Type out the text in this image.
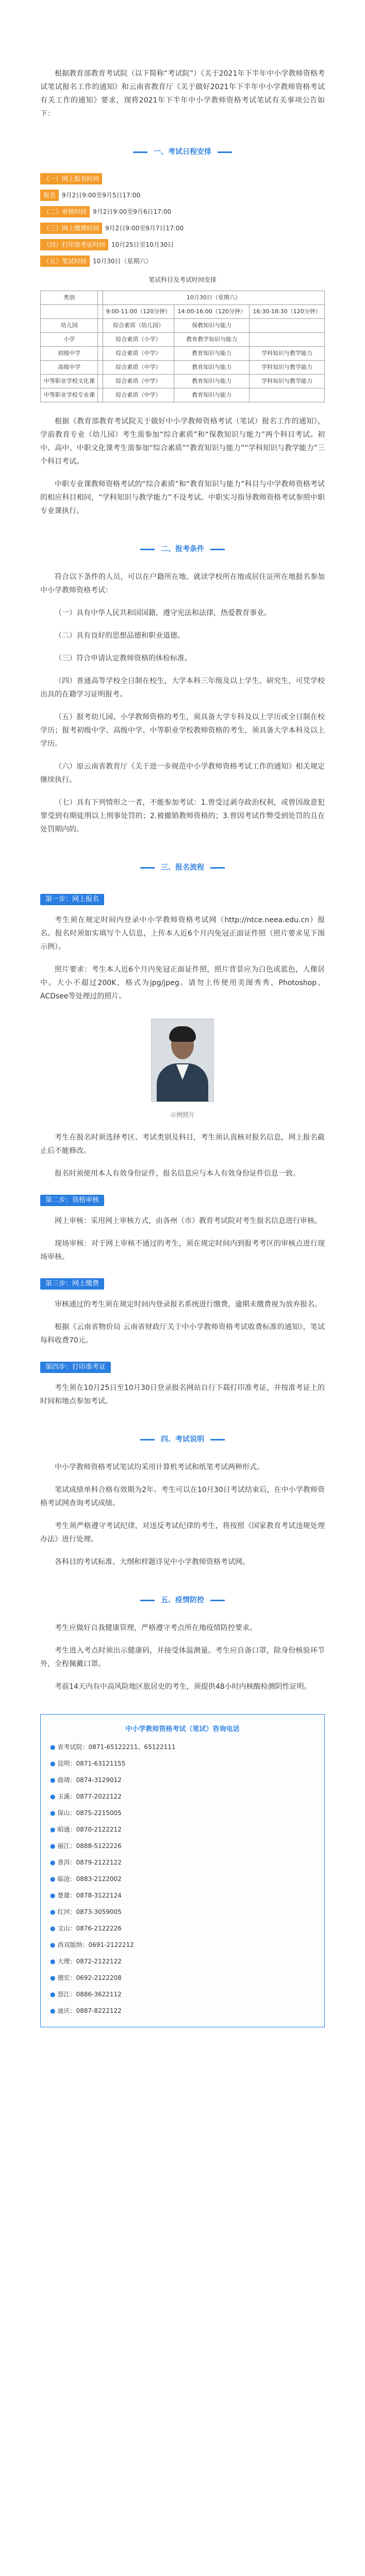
根据教育部教育考试院（以下简称“考试院”）《关于2021年下半年中小学教师资格考试笔试报名工作的通知》和云南省教育厅《关于做好2021年下半年中小学教师资格考试有关工作的通知》要求，现将2021年下半年中小学教师资格考试笔试有关事项公告如下：

一、考试日程安排
（一）网上报名时间
报名	9月2日9:00至9月5日17:00
（二）审核时间	9月2日9:00至9月6日17:00
（三）网上缴费时间	9月2日9:00至9月7日17:00
（四）打印准考证时间	10月25日至10月30日
（五）笔试时间	10月30日（星期六）
笔试科目及考试时间安排
类别		10月30日（星期六）		
		9:00-11:00（120分钟）	14:00-16:00（120分钟）	16:30-18:30（120分钟）
幼儿园		综合素质（幼儿园）	保教知识与能力	
小学		综合素质（小学）	教育教学知识与能力	
初级中学		综合素质（中学）	教育知识与能力	学科知识与教学能力
高级中学		综合素质（中学）	教育知识与能力	学科知识与教学能力
中等职业学校文化课		综合素质（中学）	教育知识与能力	学科知识与教学能力
中等职业学校专业课		综合素质（中学）	教育知识与能力	

根据《教育部教育考试院关于做好中小学教师资格考试（笔试）报名工作的通知》，学前教育专业（幼儿园）考生需参加“综合素质”和“保教知识与能力”两个科目考试。初中、高中、中职文化课考生需参加“综合素质”“教育知识与能力”“学科知识与教学能力”三个科目考试。

中职专业课教师资格考试的“综合素质”和“教育知识与能力”科目与中学教师资格考试的相应科目相同，“学科知识与教学能力”不设考试。中职实习指导教师资格考试参照中职专业课执行。

二、报考条件

符合以下条件的人员，可以在户籍所在地、就读学校所在地或居住证所在地报名参加中小学教师资格考试：

（一）具有中华人民共和国国籍，遵守宪法和法律，热爱教育事业。

（二）具有良好的思想品德和职业道德。

（三）符合申请认定教师资格的体检标准。

（四）普通高等学校全日制在校生，大学本科三年级及以上学生、研究生，可凭学校出具的在籍学习证明报考。

（五）报考幼儿园、小学教师资格的考生，须具备大学专科及以上学历或全日制在校学历；报考初级中学、高级中学、中等职业学校教师资格的考生，须具备大学本科及以上学历。

（六）原云南省教育厅《关于进一步规范中小学教师资格考试工作的通知》相关规定继续执行。

（七）具有下列情形之一者，不能参加考试：1.曾受过剥夺政治权利，或曾因故意犯罪受到有期徒刑以上刑事处罚的；2.被撤销教师资格的；3.曾因考试作弊受到处罚的且在处罚期内的。

三、报名流程
第一步：网上报名

考生须在规定时间内登录中小学教师资格考试网（http://ntce.neea.edu.cn）报名。报名时须如实填写个人信息，上传本人近6个月内免冠正面证件照（照片要求见下图示例）。

照片要求：考生本人近6个月内免冠正面证件照，照片背景应为白色或蓝色，人像居中。大小不超过200K，格式为jpg/jpeg。请勿上传使用美图秀秀、Photoshop、ACDsee等处理过的照片。

示例照片

考生在报名时须选择考区、考试类别及科目，考生须认真核对报名信息，网上报名截止后不能修改。

报名时须使用本人有效身份证件，报名信息应与本人有效身份证件信息一致。

第二步：资格审核

网上审核：采用网上审核方式，由各州（市）教育考试院对考生报名信息进行审核。

现场审核：对于网上审核不通过的考生，须在规定时间内到报考考区的审核点进行现场审核。

第三步：网上缴费

审核通过的考生须在规定时间内登录报名系统进行缴费，逾期未缴费视为放弃报名。

根据《云南省物价局 云南省财政厅关于中小学教师资格考试收费标准的通知》，笔试每科收费70元。

第四步：打印准考证

考生须在10月25日至10月30日登录报名网站自行下载打印准考证，并按准考证上的时间和地点参加考试。

四、考试说明

中小学教师资格考试笔试均采用计算机考试和纸笔考试两种形式。

笔试成绩单科合格有效期为2年。考生可以在10月30日考试结束后，在中小学教师资格考试网查询考试成绩。

考生须严格遵守考试纪律，对违反考试纪律的考生，将按照《国家教育考试违规处理办法》进行处理。

各科目的考试标准、大纲和样题详见中小学教师资格考试网。

五、疫情防控

考生应做好自我健康管理，严格遵守考点所在地疫情防控要求。

考生进入考点时须出示健康码，并接受体温测量。考生应自备口罩，除身份核验环节外，全程佩戴口罩。

考前14天内有中高风险地区旅居史的考生，须提供48小时内核酸检测阴性证明。

中小学教师资格考试（笔试）咨询电话
● 省考试院：0871-65122211、65122111
● 昆明：0871-63121155
● 曲靖：0874-3129012
● 玉溪：0877-2022122
● 保山：0875-2215005
● 昭通：0870-2122212
● 丽江：0888-5122226
● 普洱：0879-2122122
● 临沧：0883-2122002
● 楚雄：0878-3122124
● 红河：0873-3059005
● 文山：0876-2122226
● 西双版纳：0691-2122212
● 大理：0872-2122122
● 德宏：0692-2122208
● 怒江：0886-3622112
● 迪庆：0887-8222122
